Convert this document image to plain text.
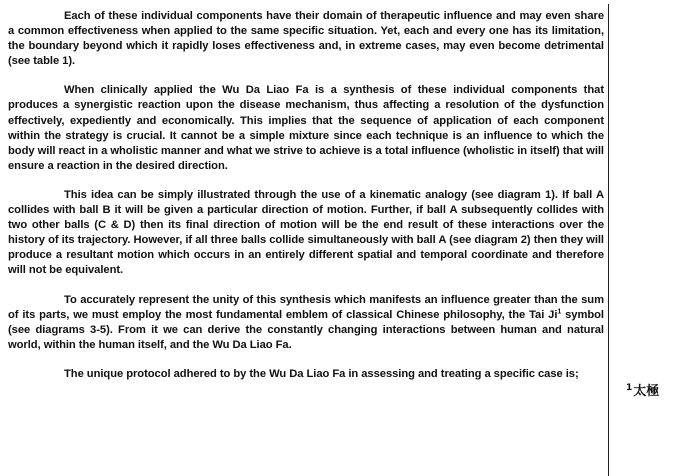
Each of these individual components have their domain of therapeutic influence and may even share a common effectiveness when applied to the same specific situation. Yet, each and every one has its limitation, the boundary beyond which it rapidly loses effectiveness and, in extreme cases, may even become detrimental (see table 1).

When clinically applied the Wu Da Liao Fa is a synthesis of these individual components that produces a synergistic reaction upon the disease mechanism, thus affecting a resolution of the dysfunction effectively, expediently and economically. This implies that the sequence of application of each component within the strategy is crucial. It cannot be a simple mixture since each technique is an influence to which the body will react in a wholistic manner and what we strive to achieve is a total influence (wholistic in itself) that will ensure a reaction in the desired direction.

This idea can be simply illustrated through the use of a kinematic analogy (see diagram 1). If ball A collides with ball B it will be given a particular direction of motion. Further, if ball A subsequently collides with two other balls (C & D) then its final direction of motion will be the end result of these interactions over the history of its trajectory. However, if all three balls collide simultaneously with ball A (see diagram 2) then they will produce a resultant motion which occurs in an entirely different spatial and temporal coordinate and therefore will not be equivalent.

To accurately represent the unity of this synthesis which manifests an influence greater than the sum of its parts, we must employ the most fundamental emblem of classical Chinese philosophy, the Tai Ji$^1$ symbol (see diagrams 3-5). From it we can derive the constantly changing interactions between human and natural world, within the human itself, and the Wu Da Liao Fa.

The unique protocol adhered to by the Wu Da Liao Fa in assessing and treating a specific case is;

$^1$太極
